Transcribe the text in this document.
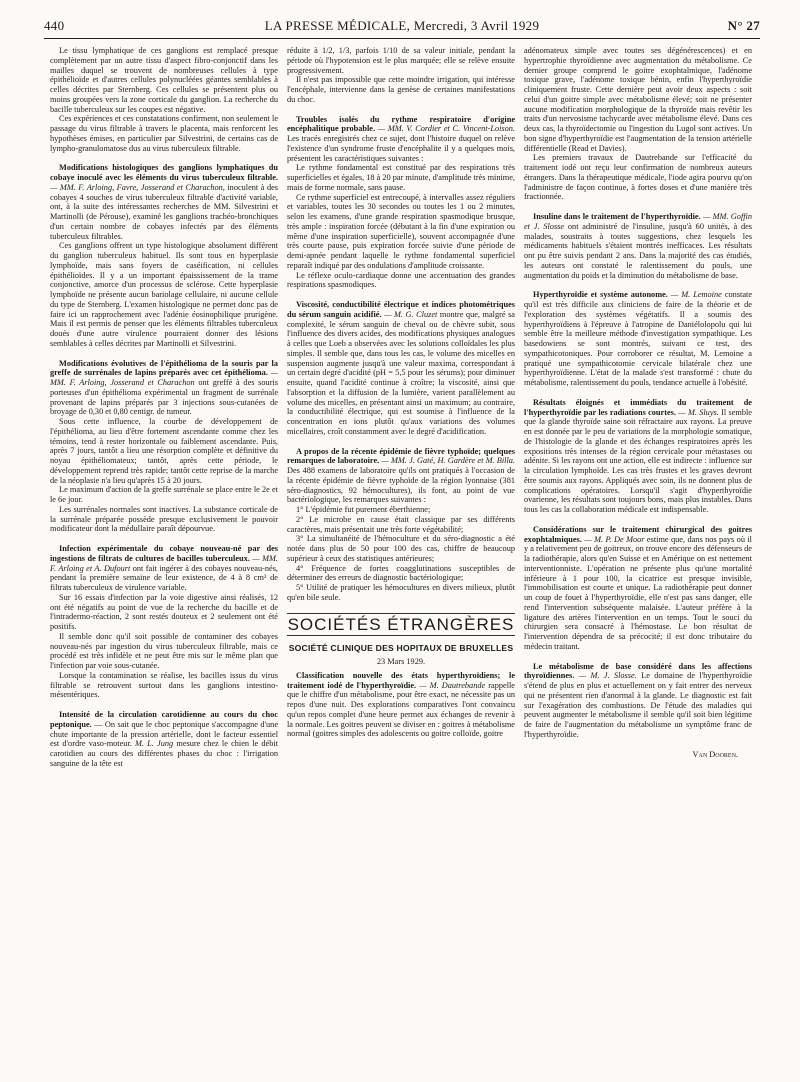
440	LA PRESSE MÉDICALE, Mercredi, 3 Avril 1929	N° 27

Le tissu lymphatique de ces ganglions est remplacé presque complètement par un autre tissu d'aspect fibro-conjonctif dans les mailles duquel se trouvent de nombreuses cellules à type épithélioïde et d'autres cellules polynucléées géantes semblables à celles décrites par Sternberg. Ces cellules se présentent plus ou moins groupées vers la zone corticale du ganglion. La recherche du bacille tuberculeux sur les coupes est négative.

Ces expériences et ces constatations confirment, non seulement le passage du virus filtrable à travers le placenta, mais renforcent les hypothèses émises, en particulier par Silvestrini, de certains cas de lympho-granulomatose dus au virus tuberculeux filtrable.

Modifications histologiques des ganglions lymphatiques du cobaye inoculé avec les éléments du virus tuberculeux filtrable. — MM. F. Arloing, Favre, Josserand et Charachon, inoculent à des cobayes 4 souches de virus tuberculeux filtrable d'activité variable, ont, à la suite des intéressantes recherches de MM. Silvestrini et Martinolli (de Pérouse), examiné les ganglions trachéo-bronchiques d'un certain nombre de cobayes infectés par des éléments tuberculeux filtrables.

Ces ganglions offrent un type histologique absolument différent du ganglion tuberculeux habituel. Ils sont tous en hyperplasie lymphoïde, mais sans foyers de caséification, ni cellules épithélioïdes. Il y a un important épaississement de la trame conjonctive, amorce d'un processus de sclérose. Cette hyperplasie lymphoïde ne présente aucun bariolage cellulaire, ni aucune cellule du type de Sternberg. L'examen histologique ne permet donc pas de faire ici un rapprochement avec l'adénie éosinophilique prurigène. Mais il est permis de penser que les éléments filtrables tuberculeux doués d'une autre virulence pourraient donner des lésions semblables à celles décrites par Martinolli et Silvestrini.

Modifications évolutives de l'épithélioma de la souris par la greffe de surrénales de lapins préparés avec cet épithélioma. — MM. F. Arloing, Josserand et Charachon ont greffé à des souris porteuses d'un épithélioma expérimental un fragment de surrénale provenant de lapins préparés par 3 injections sous-cutanées de broyage de 0,30 et 0,80 centigr. de tumeur.

Sous cette influence, la courbe de développement de l'épithélioma, au lieu d'être fortement ascendante comme chez les témoins, tend à rester horizontale ou faiblement ascendante. Puis, après 7 jours, tantôt a lieu une résorption complète et définitive du noyau épithéliomateux; tantôt, après cette période, le développement reprend très rapide; tantôt cette reprise de la marche de la néoplasie n'a lieu qu'après 15 à 20 jours.

Le maximum d'action de la greffe surrénale se place entre le 2e et le 6e jour.

Les surrénales normales sont inactives. La substance corticale de la surrénale préparée possède presque exclusivement le pouvoir modificateur dont la médullaire paraît dépourvue.

Infection expérimentale du cobaye nouveau-né par des ingestions de filtrats de cultures de bacilles tuberculeux. — MM. F. Arloing et A. Dufourt ont fait ingérer à des cobayes nouveau-nés, pendant la première semaine de leur existence, de 4 à 8 cm³ de filtrats tuberculeux de virulence variable.

Sur 16 essais d'infection par la voie digestive ainsi réalisés, 12 ont été négatifs au point de vue de la recherche du bacille et de l'intradermo-réaction, 2 sont restés douteux et 2 seulement ont été positifs.

Il semble donc qu'il soit possible de contaminer des cobayes nouveau-nés par ingestion du virus tuberculeux filtrable, mais ce procédé est très infidèle et ne peut être mis sur le même plan que l'infection par voie sous-cutanée.

Lorsque la contamination se réalise, les bacilles issus du virus filtrable se retrouvent surtout dans les ganglions intestino-mésentériques.

Intensité de la circulation carotidienne au cours du choc peptonique. — On sait que le choc peptonique s'accompagne d'une chute importante de la pression artérielle, dont le facteur essentiel est d'ordre vaso-moteur. M. L. Jung mesure chez le chien le débit carotidien au cours des différentes phases du choc : l'irrigation sanguine de la tête est

réduite à 1/2, 1/3, parfois 1/10 de sa valeur initiale, pendant la période où l'hypotension est le plus marquée; elle se relève ensuite progressivement.

Il n'est pas impossible que cette moindre irrigation, qui intéresse l'encéphale, intervienne dans la genèse de certaines manifestations du choc.

Troubles isolés du rythme respiratoire d'origine encéphalitique probable. — MM. V. Cordier et C. Vincent-Loison. Les tracés enregistrés chez ce sujet, dont l'histoire duquel on relève l'existence d'un syndrome fruste d'encéphalite il y a quelques mois, présentent les caractéristiques suivantes :

Le rythme fondamental est constitué par des respirations très superficielles et égales, 18 à 20 par minute, d'amplitude très minime, mais de forme normale, sans pause.

Ce rythme superficiel est entrecoupé, à intervalles assez réguliers et variables, toutes les 30 secondes ou toutes les 1 ou 2 minutes, selon les examens, d'une grande respiration spasmodique brusque, très ample : inspiration forcée (débutant à la fin d'une expiration ou même d'une inspiration superficielle), souvent accompagnée d'une très courte pause, puis expiration forcée suivie d'une période de demi-apnée pendant laquelle le rythme fondamental superficiel reparaît indiqué par des ondulations d'amplitude croissante.

Le réflexe oculo-cardiaque donne une accentuation des grandes respirations spasmodiques.

Viscosité, conductibilité électrique et indices photométriques du sérum sanguin acidifié. — M. G. Cluzet montre que, malgré sa complexité, le sérum sanguin de cheval ou de chèvre subit, sous l'influence des divers acides, des modifications physiques analogues à celles que Loeb a observées avec les solutions colloïdales les plus simples. Il semble que, dans tous les cas, le volume des micelles en suspension augmente jusqu'à une valeur maxima, correspondant à un certain degré d'acidité (pH = 5,5 pour les sérums); pour diminuer ensuite, quand l'acidité continue à croître; la viscosité, ainsi que l'absorption et la diffusion de la lumière, varient parallèlement au volume des micelles, en présentant ainsi un maximum; au contraire, la conductibilité électrique, qui est soumise à l'influence de la concentration en ions plutôt qu'aux variations des volumes micellaires, croît constamment avec le degré d'acidification.

A propos de la récente épidémie de fièvre typhoïde; quelques remarques de laboratoire. — MM. J. Gaté, H. Gardère et M. Billa. Des 488 examens de laboratoire qu'ils ont pratiqués à l'occasion de la récente épidémie de fièvre typhoïde de la région lyonnaise (381 séro-diagnostics, 92 hémocultures), ils font, au point de vue bactériologique, les remarques suivantes :

1° L'épidémie fut purement éberthienne;

2° Le microbe en cause était classique par ses différents caractères, mais présentait une très forte végétabilité;

3° La simultanéité de l'hémoculture et du séro-diagnostic a été notée dans plus de 50 pour 100 des cas, chiffre de beaucoup supérieur à ceux des statistiques antérieures;

4° Fréquence de fortes coagglutinations susceptibles de déterminer des erreurs de diagnostic bactériologique;

5° Utilité de pratiquer les hémocultures en divers milieux, plutôt qu'en bile seule.

SOCIÉTÉS ÉTRANGÈRES
SOCIÉTÉ CLINIQUE DES HOPITAUX DE BRUXELLES

23 Mars 1929.

Classification nouvelle des états hyperthyroïdiens; le traitement iodé de l'hyperthyroïdie. — M. Dautrebande rappelle que le chiffre d'un métabolisme, pour être exact, ne nécessite pas un repos d'une nuit. Des explorations comparatives l'ont convaincu qu'un repos complet d'une heure permet aux échanges de revenir à la normale. Les goitres peuvent se diviser en : goitres à métabolisme normal (goitres simples des adolescents ou goitre colloïde, goitre

adénomateux simple avec toutes ses dégénérescences) et en hypertrophie thyroïdienne avec augmentation du métabolisme. Ce dernier groupe comprend le goitre exophtalmique, l'adénome toxique grave, l'adénome toxique bénin, enfin l'hyperthyroïdie cliniquement fruste. Cette dernière peut avoir deux aspects : soit celui d'un goitre simple avec métabolisme élevé; soit ne présenter aucune modification morphologique de la thyroïde mais revêtir les traits d'un nervosisme tachycarde avec métabolisme élevé. Dans ces deux cas, la thyroïdectomie ou l'ingestion du Lugol sont actives. Un bon signe d'hyperthyroïdie est l'augmentation de la tension artérielle différentielle (Read et Davies).

Les premiers travaux de Dautrebande sur l'efficacité du traitement iodé ont reçu leur confirmation de nombreux auteurs étrangers. Dans la thérapeutique médicale, l'iode agira pourvu qu'on l'administre de façon continue, à fortes doses et d'une manière très fractionnée.

Insuline dans le traitement de l'hyperthyroïdie. — MM. Goffin et J. Slosse ont administré de l'insuline, jusqu'à 60 unités, à des malades, soustraits à toutes suggestions, chez lesquels les médicaments habituels s'étaient montrés inefficaces. Les résultats ont pu être suivis pendant 2 ans. Dans la majorité des cas étudiés, les auteurs ont constaté le ralentissement du pouls, une augmentation du poids et la diminution du métabolisme de base.

Hyperthyroïdie et système autonome. — M. Lemoine constate qu'il est très difficile aux cliniciens de faire de la théorie et de l'exploration des systèmes végétatifs. Il a soumis des hyperthyroïdiens à l'épreuve à l'atropine de Daniélolopolu qui lui semble être la meilleure méthode d'investigation sympathique. Les basedowiens se sont montrés, suivant ce test, des sympathicotoniques. Pour corroborer ce résultat, M. Lemoine a pratiqué une sympathicotomie cervicale bilatérale chez une hyperthyroïdienne. L'état de la malade s'est transformé : chute du métabolisme, ralentissement du pouls, tendance actuelle à l'obésité.

Résultats éloignés et immédiats du traitement de l'hyperthyroïdie par les radiations courtes. — M. Sluys. Il semble que la glande thyroïde saine soit réfractaire aux rayons. La preuve en est donnée par le peu de variations de la morphologie somatique, de l'histologie de la glande et des échanges respiratoires après les expositions très intenses de la région cervicale pour métastases ou adénite. Si les rayons ont une action, elle est indirecte : influence sur la circulation lymphoïde. Les cas très frustes et les graves devront être soumis aux rayons. Appliqués avec soin, ils ne donnent plus de complications opératoires. Lorsqu'il s'agit d'hyperthyroïdie ovarienne, les résultats sont toujours bons, mais plus instables. Dans tous les cas la collaboration médicale est indispensable.

Considérations sur le traitement chirurgical des goitres exophtalmiques. — M. P. De Moor estime que, dans nos pays où il y a relativement peu de goitreux, on trouve encore des défenseurs de la radiothérapie, alors qu'en Suisse et en Amérique on est nettement interventionniste. L'opération ne présente plus qu'une mortalité inférieure à 1 pour 100, la cicatrice est presque invisible, l'immobilisation est courte et unique. La radiothérapie peut donner un coup de fouet à l'hyperthyroïdie, elle n'est pas sans danger, elle rend l'intervention subséquente malaisée. L'auteur préfère à la ligature des artères l'intervention en un temps. Tout le souci du chirurgien sera consacré à l'hémostase. Le bon résultat de l'intervention dépendra de sa précocité; il est donc tributaire du médecin traitant.

Le métabolisme de base considéré dans les affections thyroïdiennes. — M. J. Slosse. Le domaine de l'hyperthyroïdie s'étend de plus en plus et actuellement on y fait entrer des nerveux qui ne présentent rien d'anormal à la glande. Le diagnostic est fait sur l'exagération des combustions. De l'étude des maladies qui peuvent augmenter le métabolisme il semble qu'il soit bien légitime de faire de l'augmentation du métabolisme un symptôme franc de l'hyperthyroïdie.

Van Dooren.
